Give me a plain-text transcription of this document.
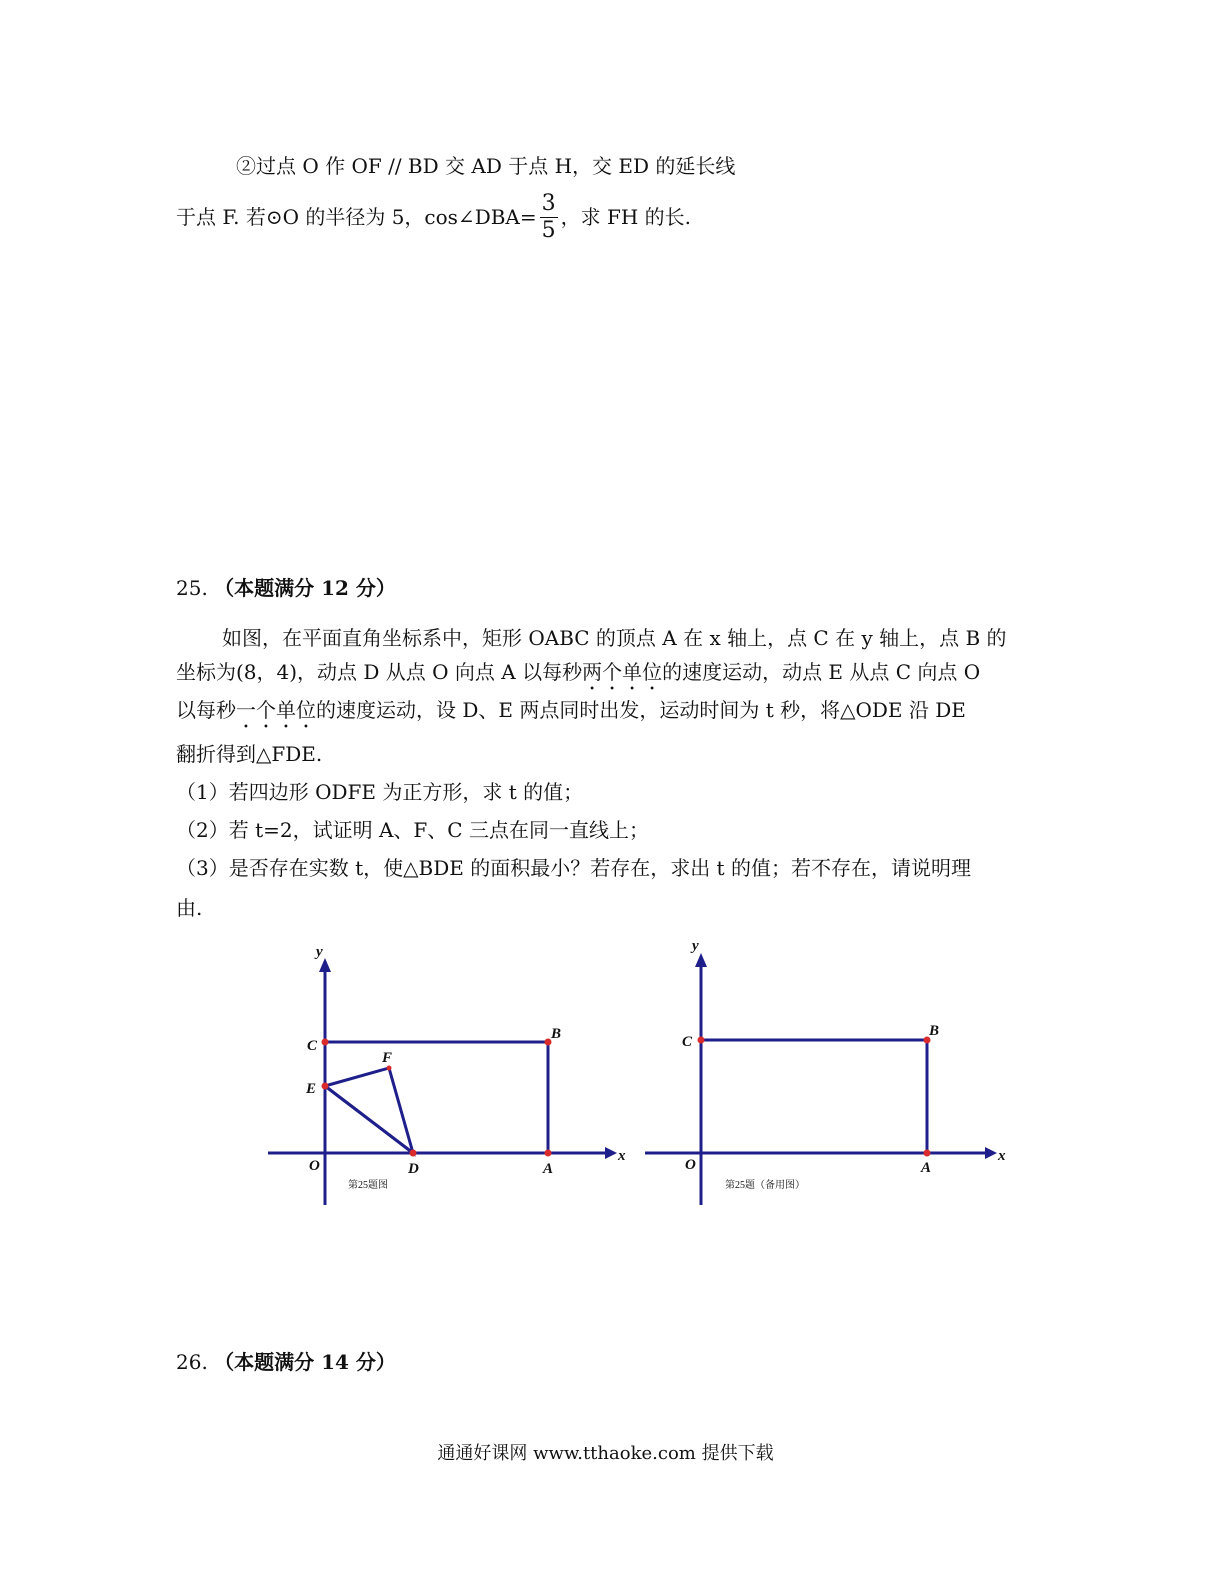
②过点 O 作 OF // BD 交 AD 于点 H，交 ED 的延长线
于点 F. 若⊙O 的半径为 5，cos∠DBA= $\frac{3}{5}$ ，求 FH 的长.
25. （本题满分 12 分）
如图，在平面直角坐标系中，矩形 OABC 的顶点 A 在 x 轴上，点 C 在 y 轴上，点 B 的
坐标为(8，4)，动点 D 从点 O 向点 A 以每秒两个单位的速度运动，动点 E 从点 C 向点 O
以每秒一个单位的速度运动，设 D、E 两点同时出发，运动时间为 t 秒，将△ODE 沿 DE
翻折得到△FDE.
（1）若四边形 ODFE 为正方形，求 t 的值；
（2）若 t=2，试证明 A、F、C 三点在同一直线上；
（3）是否存在实数 t，使△BDE 的面积最小？若存在，求出 t 的值；若不存在，请说明理
由.
y
x
C
B
E
F
O	D	A
第25题图
y
x
C
B
O	A
第25题（备用图）
26. （本题满分 14 分）
通通好课网 www.tthaoke.com 提供下载
